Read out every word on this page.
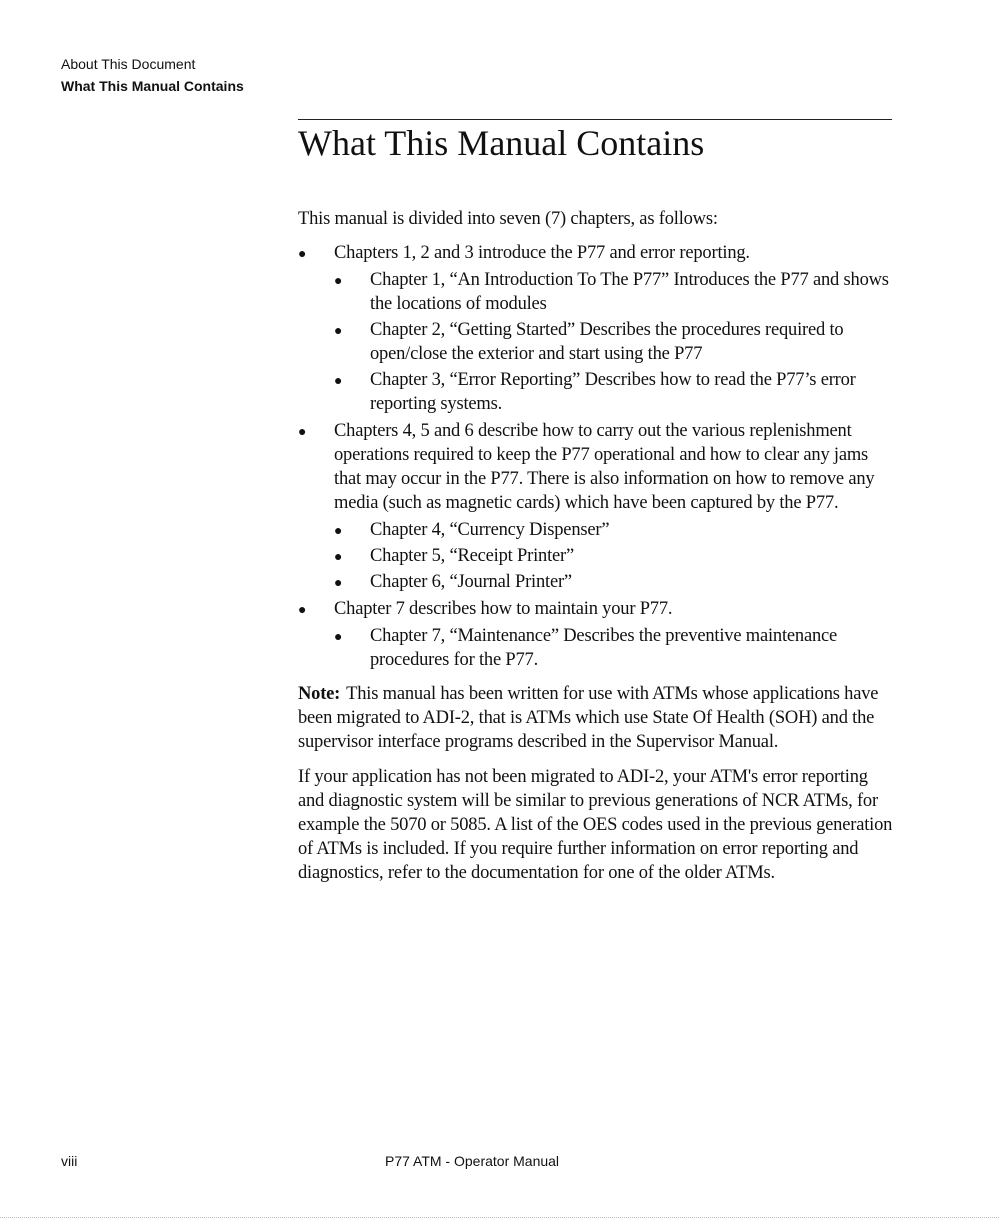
About This Document
What This Manual Contains
What This Manual Contains

This manual is divided into seven (7) chapters, as follows:

●	Chapters 1, 2 and 3 introduce the P77 and error reporting.
●	Chapter 1, “An Introduction To The P77” Introduces the P77 and shows the locations of modules
●	Chapter 2, “Getting Started” Describes the procedures required to open/close the exterior and start using the P77
●	Chapter 3, “Error Reporting” Describes how to read the P77’s error reporting systems.
●	Chapters 4, 5 and 6 describe how to carry out the various replenishment operations required to keep the P77 operational and how to clear any jams that may occur in the P77. There is also information on how to remove any media (such as magnetic cards) which have been captured by the P77.
●	Chapter 4, “Currency Dispenser”
●	Chapter 5, “Receipt Printer”
●	Chapter 6, “Journal Printer”
●	Chapter 7 describes how to maintain your P77.
●	Chapter 7, “Maintenance” Describes the preventive maintenance procedures for the P77.

Note: This manual has been written for use with ATMs whose applications have been migrated to ADI-2, that is ATMs which use State Of Health (SOH) and the supervisor interface programs described in the Supervisor Manual.

If your application has not been migrated to ADI-2, your ATM's error reporting and diagnostic system will be similar to previous generations of NCR ATMs, for example the 5070 or 5085. A list of the OES codes used in the previous generation of ATMs is included. If you require further information on error reporting and diagnostics, refer to the documentation for one of the older ATMs.

viii	P77 ATM - Operator Manual
